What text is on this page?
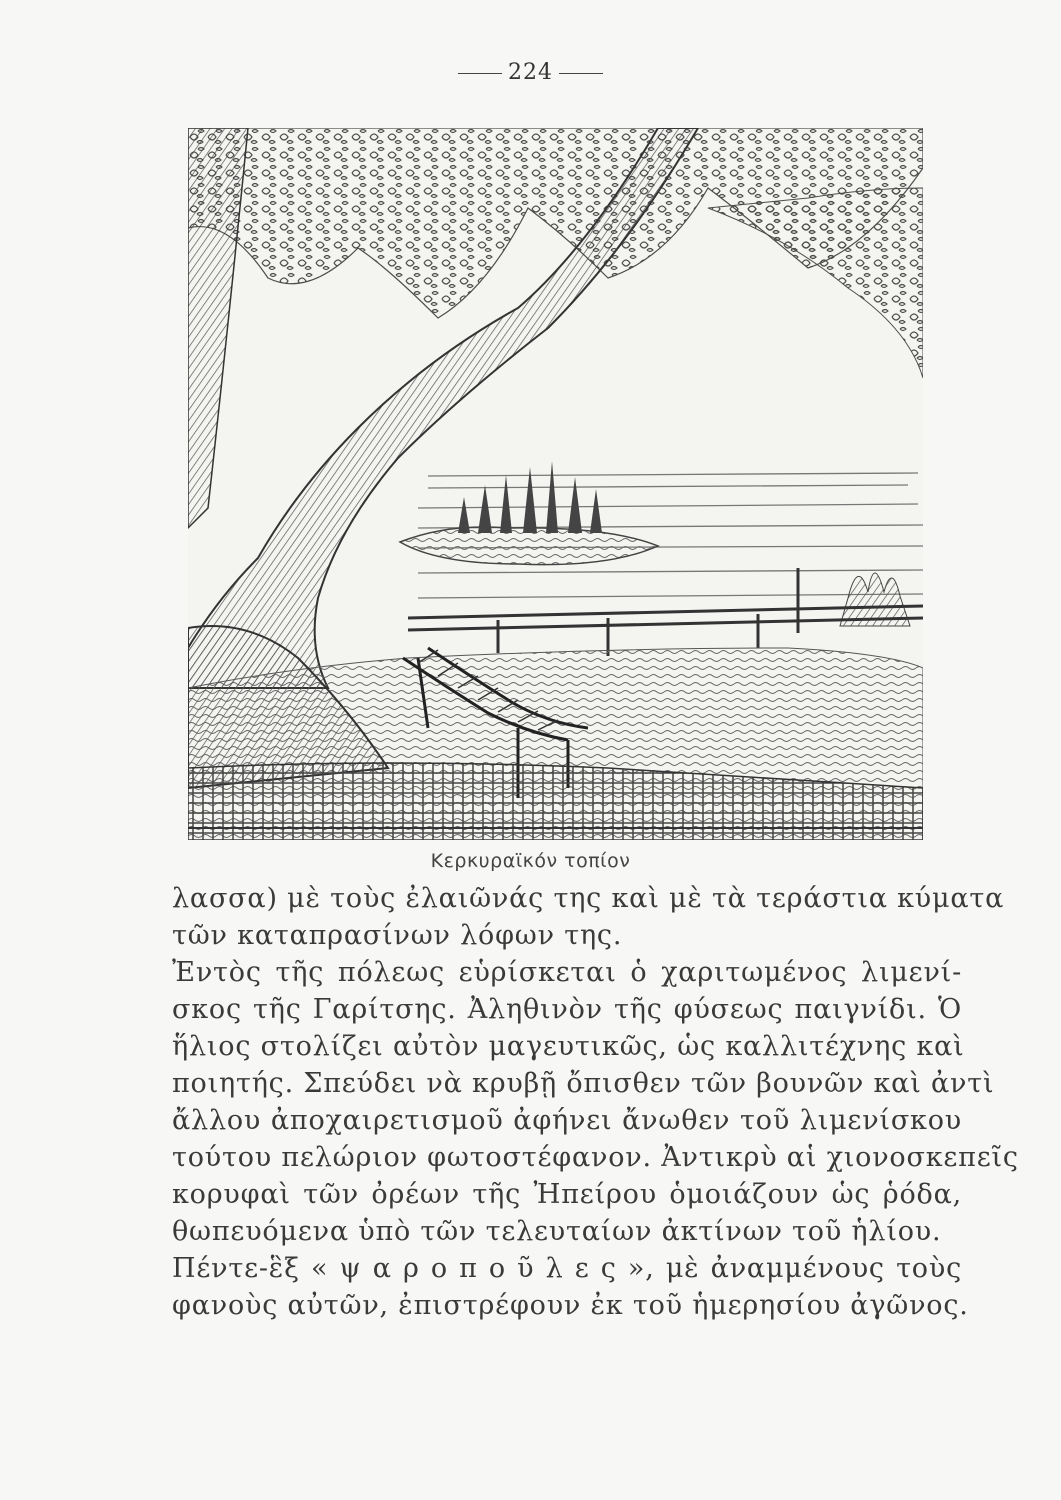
224
Κερκυραϊκόν τοπίον
λασσα) μὲ τοὺς ἐλαιῶνάς της καὶ μὲ τὰ τεράστια κύματα
τῶν καταπρασίνων λόφων της.
Ἐντὸς τῆς πόλεως εὑρίσκεται ὁ χαριτωμένος λιμενί-
σκος τῆς Γαρίτσης. Ἀληθινὸν τῆς φύσεως παιγνίδι. Ὁ
ἥλιος στολίζει αὐτὸν μαγευτικῶς, ὡς καλλιτέχνης καὶ
ποιητής. Σπεύδει νὰ κρυβῇ ὄπισθεν τῶν βουνῶν καὶ ἀντὶ
ἄλλου ἀποχαιρετισμοῦ ἀφήνει ἄνωθεν τοῦ λιμενίσκου
τούτου πελώριον φωτοστέφανον. Ἀντικρὺ αἱ χιονοσκεπεῖς
κορυφαὶ τῶν ὀρέων τῆς Ἠπείρου ὁμοιάζουν ὡς ῥόδα,
θωπευόμενα ὑπὸ τῶν τελευταίων ἀκτίνων τοῦ ἡλίου.
Πέντε-ἓξ « ψ α ρ ο π ο ῦ λ ε ς », μὲ ἀναμμένους τοὺς
φανοὺς αὐτῶν, ἐπιστρέφουν ἐκ τοῦ ἡμερησίου ἀγῶνος.
